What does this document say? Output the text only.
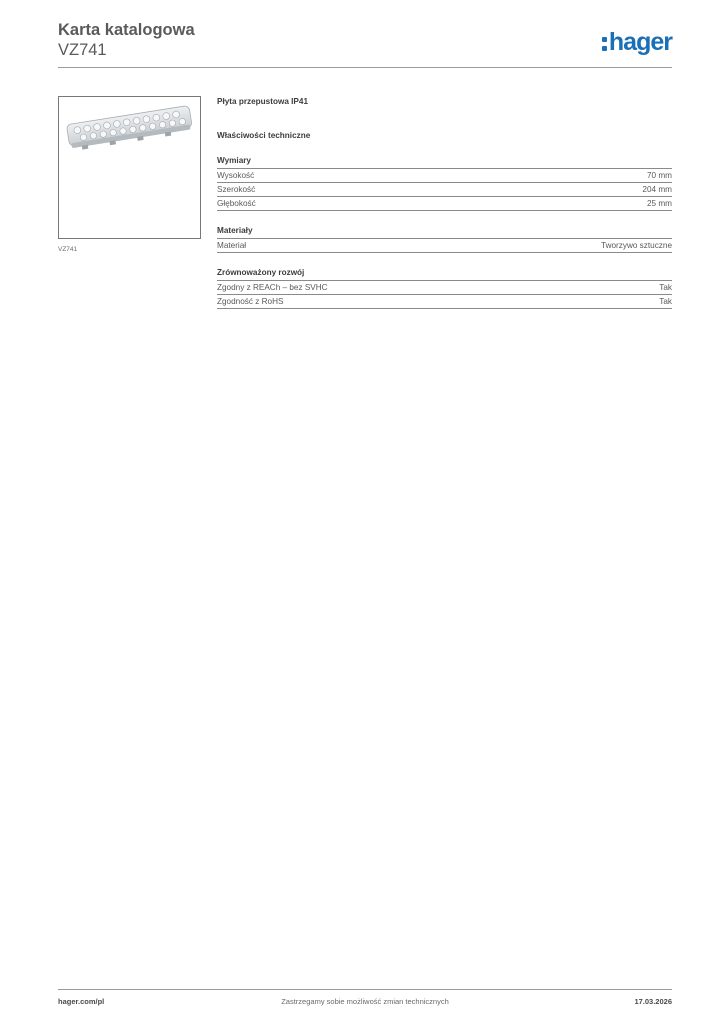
Karta katalogowa
VZ741	hager
VZ741
Płyta przepustowa IP41
Właściwości techniczne
Wymiary
Wysokość	70 mm
Szerokość	204 mm
Głębokość	25 mm
Materiały
Materiał	Tworzywo sztuczne
Zrównoważony rozwój
Zgodny z REACh – bez SVHC	Tak
Zgodność z RoHS	Tak
hager.com/pl	Zastrzegamy sobie możliwość zmian technicznych	17.03.2026
